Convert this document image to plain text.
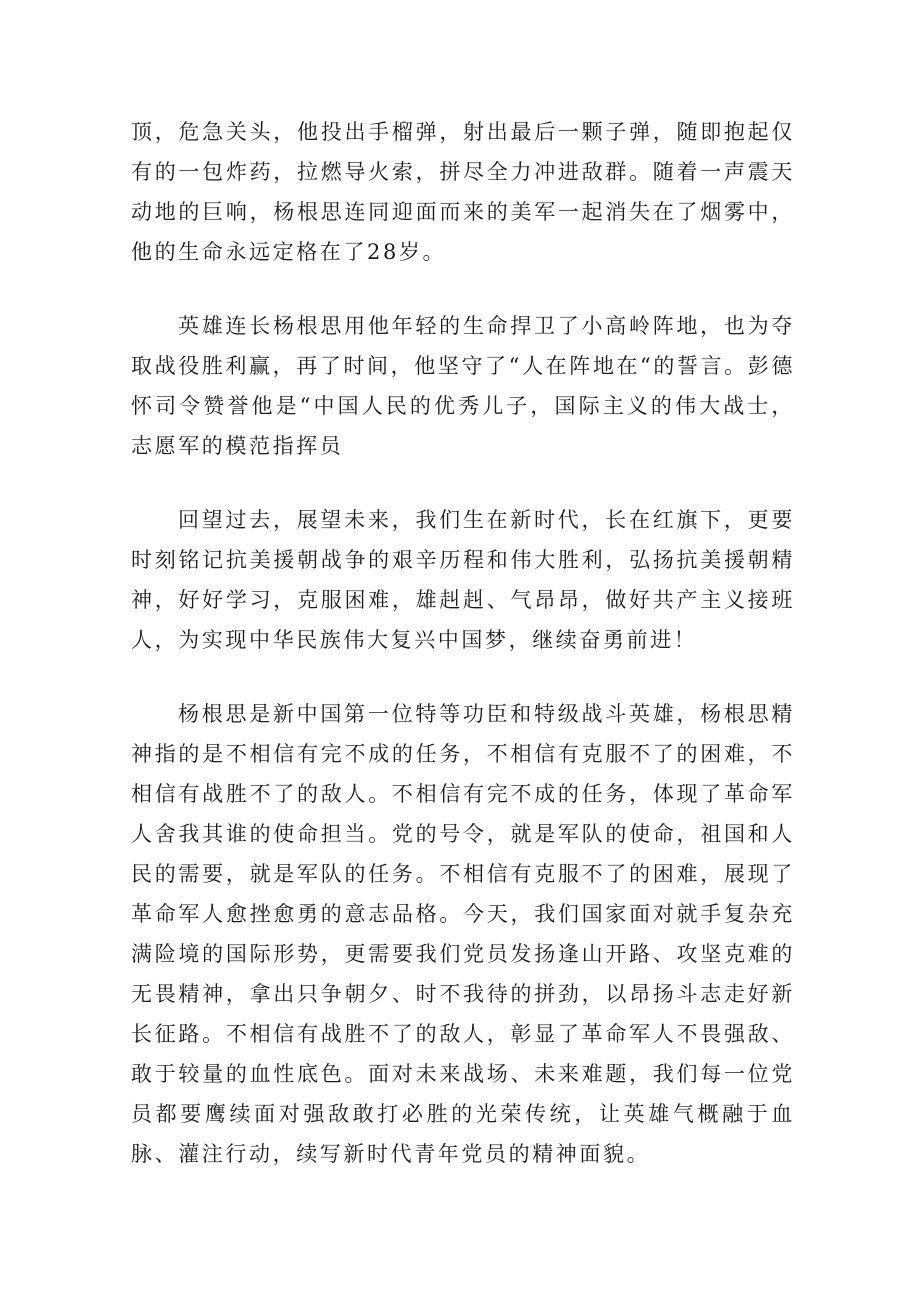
顶，危急关头，他投出手榴弹，射出最后一颗子弹，随即抱起仅有的一包炸药，拉燃导火索，拼尽全力冲进敌群。随着一声震天动地的巨响，杨根思连同迎面而来的美军一起消失在了烟雾中，他的生命永远定格在了28岁。

英雄连长杨根思用他年轻的生命捍卫了小高岭阵地，也为夺取战役胜利赢，再了时间，他坚守了“人在阵地在“的誓言。彭德怀司令赞誉他是“中国人民的优秀儿子，国际主义的伟大战士，志愿军的模范指挥员

回望过去，展望未来，我们生在新时代，长在红旗下，更要时刻铭记抗美援朝战争的艰辛历程和伟大胜利，弘扬抗美援朝精神，好好学习，克服困难，雄赳赳、气昂昂，做好共产主义接班人，为实现中华民族伟大复兴中国梦，继续奋勇前进！

杨根思是新中国第一位特等功臣和特级战斗英雄，杨根思精神指的是不相信有完不成的任务，不相信有克服不了的困难，不相信有战胜不了的敌人。不相信有完不成的任务，体现了革命军人舍我其谁的使命担当。党的号令，就是军队的使命，祖国和人民的需要，就是军队的任务。不相信有克服不了的困难，展现了革命军人愈挫愈勇的意志品格。今天，我们国家面对就手复杂充满险境的国际形势，更需要我们党员发扬逢山开路、攻坚克难的无畏精神，拿出只争朝夕、时不我待的拼劲，以昂扬斗志走好新长征路。不相信有战胜不了的敌人，彰显了革命军人不畏强敌、敢于较量的血性底色。面对未来战场、未来难题，我们每一位党员都要鹰续面对强敌敢打必胜的光荣传统，让英雄气概融于血脉、灌注行动，续写新时代青年党员的精神面貌。
